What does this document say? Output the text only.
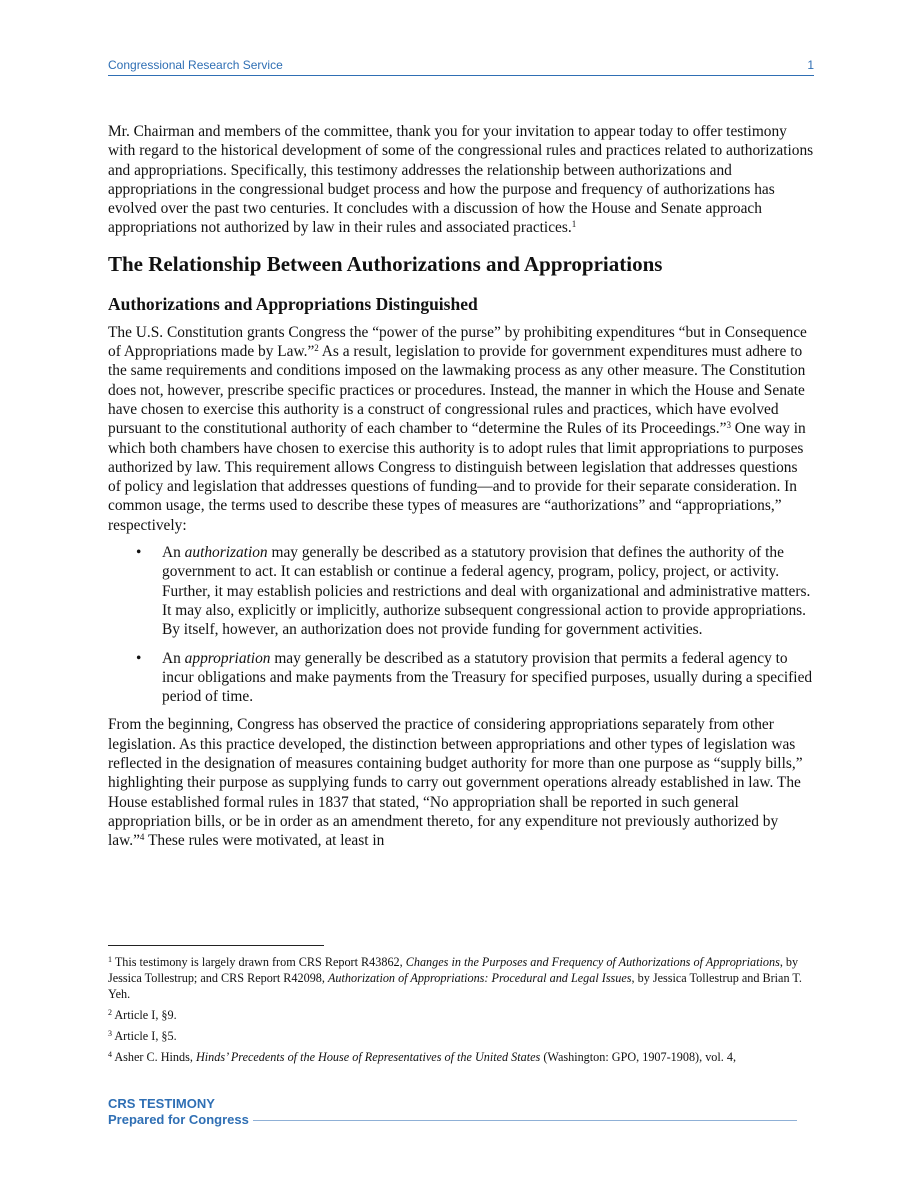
Congressional Research Service	1

Mr. Chairman and members of the committee, thank you for your invitation to appear today to offer testimony with regard to the historical development of some of the congressional rules and practices related to authorizations and appropriations. Specifically, this testimony addresses the relationship between authorizations and appropriations in the congressional budget process and how the purpose and frequency of authorizations has evolved over the past two centuries. It concludes with a discussion of how the House and Senate approach appropriations not authorized by law in their rules and associated practices.$^1$

The Relationship Between Authorizations and Appropriations
Authorizations and Appropriations Distinguished

The U.S. Constitution grants Congress the “power of the purse” by prohibiting expenditures “but in Consequence of Appropriations made by Law.”$^2$ As a result, legislation to provide for government expenditures must adhere to the same requirements and conditions imposed on the lawmaking process as any other measure. The Constitution does not, however, prescribe specific practices or procedures. Instead, the manner in which the House and Senate have chosen to exercise this authority is a construct of congressional rules and practices, which have evolved pursuant to the constitutional authority of each chamber to “determine the Rules of its Proceedings.”$^3$ One way in which both chambers have chosen to exercise this authority is to adopt rules that limit appropriations to purposes authorized by law. This requirement allows Congress to distinguish between legislation that addresses questions of policy and legislation that addresses questions of funding—and to provide for their separate consideration. In common usage, the terms used to describe these types of measures are “authorizations” and “appropriations,” respectively:

• An authorization may generally be described as a statutory provision that defines the authority of the government to act. It can establish or continue a federal agency, program, policy, project, or activity. Further, it may establish policies and restrictions and deal with organizational and administrative matters. It may also, explicitly or implicitly, authorize subsequent congressional action to provide appropriations. By itself, however, an authorization does not provide funding for government activities.
• An appropriation may generally be described as a statutory provision that permits a federal agency to incur obligations and make payments from the Treasury for specified purposes, usually during a specified period of time.

From the beginning, Congress has observed the practice of considering appropriations separately from other legislation. As this practice developed, the distinction between appropriations and other types of legislation was reflected in the designation of measures containing budget authority for more than one purpose as “supply bills,” highlighting their purpose as supplying funds to carry out government operations already established in law. The House established formal rules in 1837 that stated, “No appropriation shall be reported in such general appropriation bills, or be in order as an amendment thereto, for any expenditure not previously authorized by law.”$^4$ These rules were motivated, at least in

$^1$ This testimony is largely drawn from CRS Report R43862, Changes in the Purposes and Frequency of Authorizations of Appropriations, by Jessica Tollestrup; and CRS Report R42098, Authorization of Appropriations: Procedural and Legal Issues, by Jessica Tollestrup and Brian T. Yeh.

$^2$ Article I, §9.

$^3$ Article I, §5.

$^4$ Asher C. Hinds, Hinds’ Precedents of the House of Representatives of the United States (Washington: GPO, 1907-1908), vol. 4,

CRS TESTIMONY
Prepared for Congress
